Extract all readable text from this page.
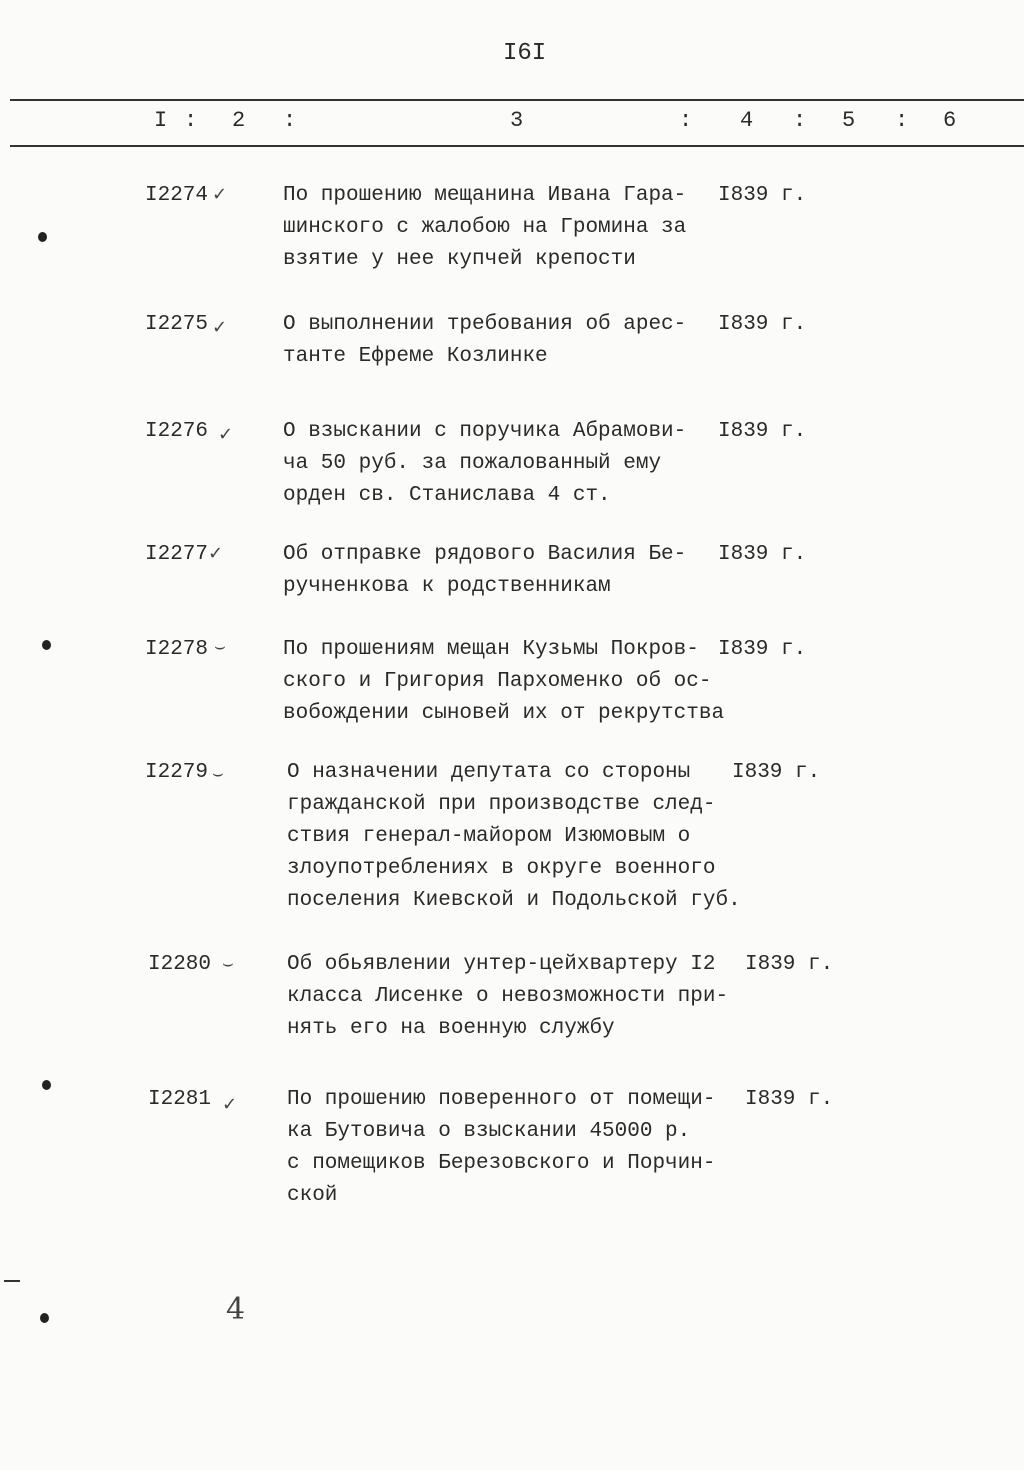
I6I
I : 2 :	3	: 4 : 5 : 6
I2274 ✓	По прошению мещанина Ивана Гара-
шинского с жалобою на Громина за
взятие у нее купчей крепости
I839 г.
I2275 ✓	О выполнении требования об арес-
танте Ефреме Козлинке
I839 г.
I2276 ✓ О взыскании с поручика Абрамови-
ча 50 руб. за пожалованный ему
орден св. Станислава 4 ст.
I839 г.
I2277 ✓	Об отправке рядового Василия Бе-
ручненкова к родственникам
I839 г.
I2278 ⌣	По прошениям мещан Кузьмы Покров-
ского и Григория Пархоменко об ос-
вобождении сыновей их от рекрутства
I839 г.
I2279 ⌣	О назначении депутата со стороны
гражданской при производстве след-
ствия генерал-майором Изюмовым о
злоупотреблениях в округе военного
поселения Киевской и Подольской губ.
I839 г.
I2280 ⌣	Об обьявлении унтер-цейхвартеру I2
класса Лисенке о невозможности при-
нять его на военную службу
I839 г.
I2281 ✓ По прошению поверенного от помещи-
ка Бутовича о взыскании 45000 р.
с помещиков Березовского и Порчин-
ской
I839 г.
4
